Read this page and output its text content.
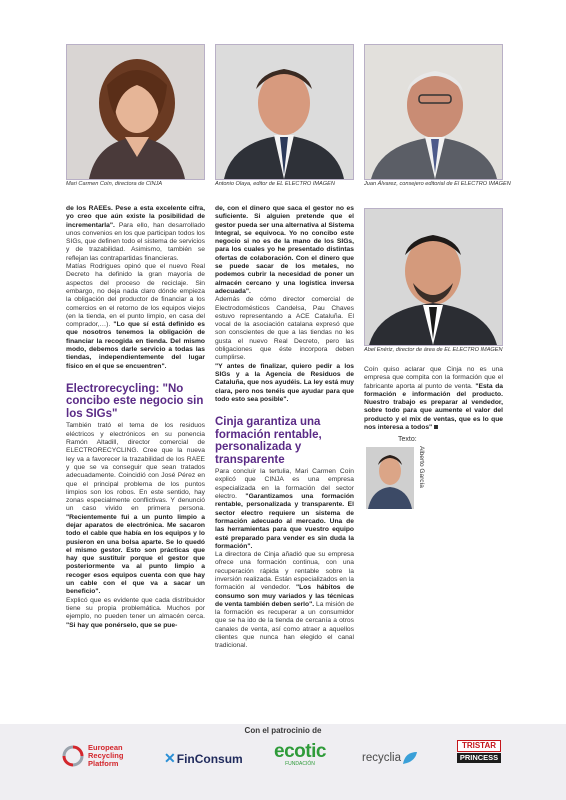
Mari Carmen Coín, directora de CINJA	Antonio Olaya, editor de EL ELECTRO IMAGEN	Juan Álvarez, consejero editorial de El ELECTRO IMAGEN
Abel Enériz, director de área de EL ELECTRO IMAGEN

de los RAEEs. Pese a esta excelente cifra, yo creo que aún existe la posibilidad de incrementarla". Para ello, han desarrollado unos convenios en los que participan todos los SIGs, que definen todo el sistema de servicios y de trazabilidad. Asimismo, también se reflejan las contrapartidas financieras.

Matías Rodrigues opinó que el nuevo Real Decreto ha definido la gran mayoría de aspectos del proceso de reciclaje. Sin embargo, no deja nada claro dónde empieza la obligación del productor de financiar a los comercios en el retorno de los equipos viejos (en la tienda, en el punto limpio, en casa del comprador,…). "Lo que sí está definido es que nosotros tenemos la obligación de financiar la recogida en tienda. Del mismo modo, debemos darle servicio a todas las tiendas, independientemente del lugar físico en el que se encuentren".

Electrorecycling: "No concibo este negocio sin los SIGs"

También trató el tema de los residuos eléctricos y electrónicos en su ponencia Ramón Altadill, director comercial de ELECTRORECYCLING. Cree que la nueva ley va a favorecer la trazabilidad de los RAEE y que se va conseguir que sean tratados adecuadamente. Coincidió con José Pérez en que el principal problema de los puntos limpios son los robos. En este sentido, hay zonas especialmente conflictivas. Y denunció un caso vivido en primera persona. "Recientemente fui a un punto limpio a dejar aparatos de electrónica. Me sacaron todo el cable que había en los equipos y lo pusieron en una bolsa aparte. Se lo quedó el mismo gestor. Esto son prácticas que hay que sustituir porque el gestor que posteriormente va al punto limpio a recoger esos equipos cuenta con que hay un cable con el que va a sacar un beneficio".

Explicó que es evidente que cada distribuidor tiene su propia problemática. Muchos por ejemplo, no pueden tener un almacén cerca. "Si hay que ponérselo, que se pue-

de, con el dinero que saca el gestor no es suficiente. Si alguien pretende que el gestor pueda ser una alternativa al Sistema Integral, se equivoca. Yo no concibo este negocio si no es de la mano de los SIGs, para los cuales yo he presentado distintas ofertas de colaboración. Con el dinero que se puede sacar de los metales, no podemos cubrir la necesidad de poner un almacén cercano y una logística inversa adecuada".

Además de cómo director comercial de Electrodomésticos Candelsa, Pau Chaves estuvo representando a ACE Cataluña. El vocal de la asociación catalana expresó que son conscientes de que a las tiendas no les gusta el nuevo Real Decreto, pero las obligaciones que éste incorpora deben cumplirse.

"Y antes de finalizar, quiero pedir a los SIGs y a la Agencia de Residuos de Cataluña, que nos ayudéis. La ley está muy clara, pero nos tenéis que ayudar para que todo esto sea posible".

Cinja garantiza una formación rentable, personalizada y transparente

Para concluir la tertulia, Mari Carmen Coín explicó que CINJA es una empresa especializada en la formación del sector electro. "Garantizamos una formación rentable, personalizada y transparente. El sector electro requiere un sistema de formación adecuado al mercado. Una de las herramientas para que vuestro equipo esté preparado para vender es sin duda la formación".

La directora de Cinja añadió que su empresa ofrece una formación continua, con una recuperación rápida y rentable sobre la inversión realizada. Están especializados en la formación al vendedor. "Los hábitos de consumo son muy variados y las técnicas de venta también deben serlo". La misión de la formación es recuperar a un consumidor que se ha ido de la tienda de cercanía a otros canales de venta, así como atraer a aquellos clientes que nunca han elegido el canal tradicional.

Coín quiso aclarar que Cinja no es una empresa que compita con la formación que el fabricante aporta al punto de venta. "Esta da formación e información del producto. Nuestro trabajo es preparar al vendedor, sobre todo para que aumente el valor del producto y el mix de ventas, que es lo que nos interesa a todos"

Texto:
Alberto García
Con el patrocinio de
European
Recycling
Platform	✕ FinConsum ecotic
FUNDACIÓN	recyclia
TRISTAR
PRINCESS
